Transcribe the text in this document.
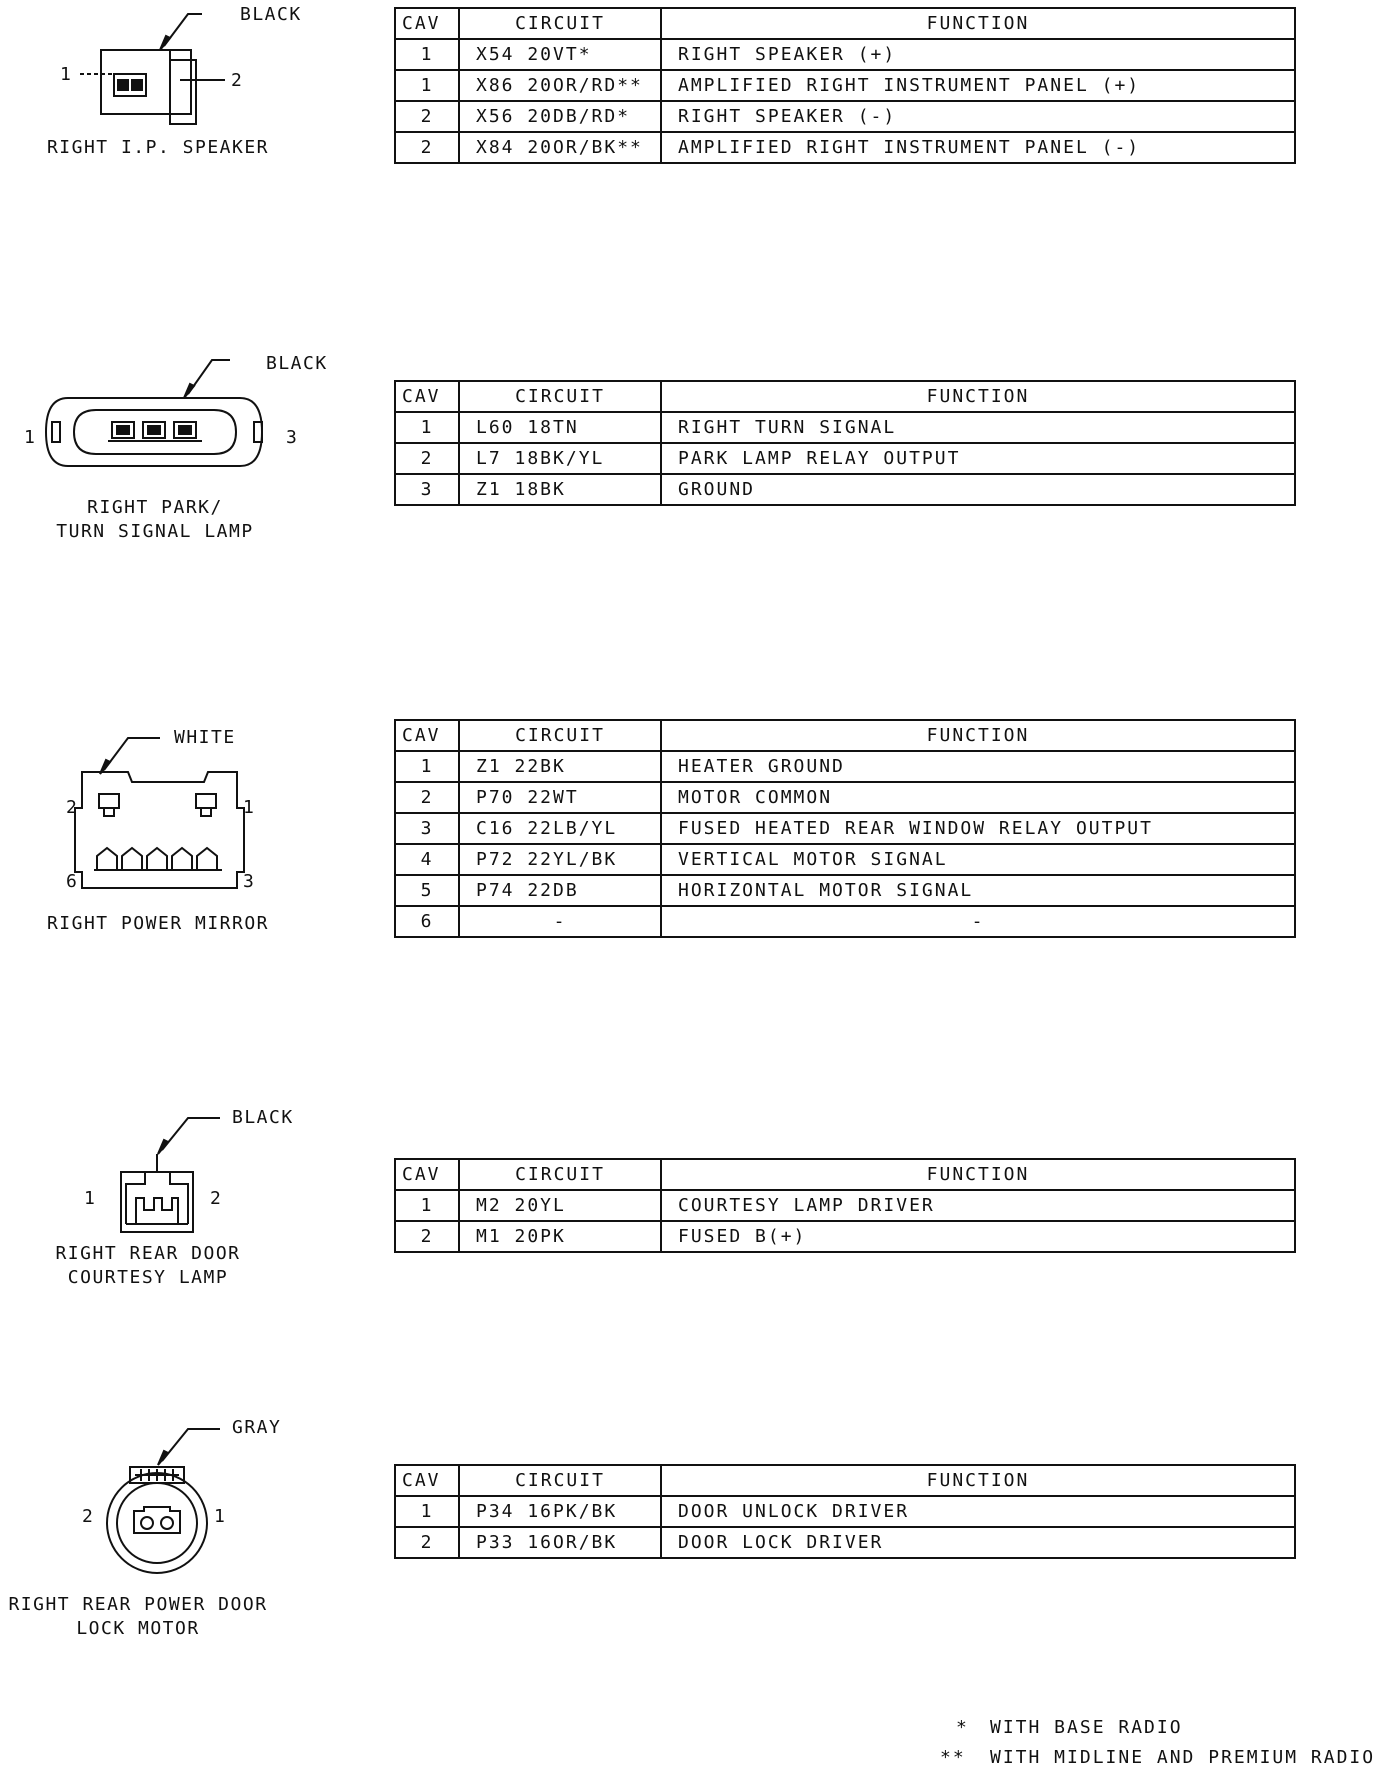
BLACK
1	2
RIGHT I.P. SPEAKER
CAV	CIRCUIT	FUNCTION
1	X54 20VT*	RIGHT SPEAKER (+)
1	X86 20OR/RD**	AMPLIFIED RIGHT INSTRUMENT PANEL (+)
2	X56 20DB/RD*	RIGHT SPEAKER (-)
2	X84 20OR/BK**	AMPLIFIED RIGHT INSTRUMENT PANEL (-)
BLACK
1	3
RIGHT PARK/
TURN SIGNAL LAMP
CAV	CIRCUIT	FUNCTION
1	L60 18TN	RIGHT TURN SIGNAL
2	L7 18BK/YL	PARK LAMP RELAY OUTPUT
3	Z1 18BK	GROUND
WHITE
2	1
6	3
RIGHT POWER MIRROR
CAV	CIRCUIT	FUNCTION
1	Z1 22BK	HEATER GROUND
2	P70 22WT	MOTOR COMMON
3	C16 22LB/YL	FUSED HEATED REAR WINDOW RELAY OUTPUT
4	P72 22YL/BK	VERTICAL MOTOR SIGNAL
5	P74 22DB	HORIZONTAL MOTOR SIGNAL
6	-	-
BLACK
1	2
RIGHT REAR DOOR
COURTESY LAMP
CAV	CIRCUIT	FUNCTION
1	M2 20YL	COURTESY LAMP DRIVER
2	M1 20PK	FUSED B(+)
GRAY
2	1
RIGHT REAR POWER DOOR
LOCK MOTOR
CAV	CIRCUIT	FUNCTION
1	P34 16PK/BK	DOOR UNLOCK DRIVER
2	P33 16OR/BK	DOOR LOCK DRIVER
* WITH BASE RADIO
** WITH MIDLINE AND PREMIUM RADIO
